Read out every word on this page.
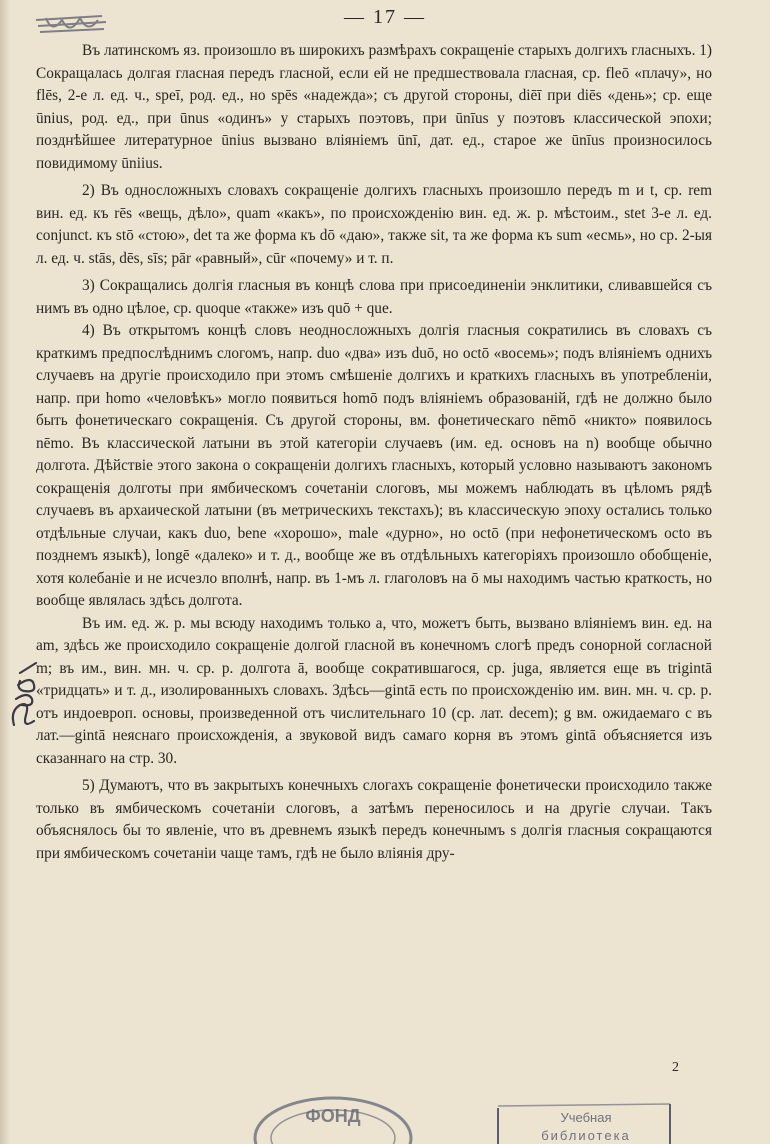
— 17 —

Въ латинскомъ яз. произошло въ широкихъ размѣрахъ сокращеніе старыхъ долгихъ гласныхъ. 1) Сокращалась долгая гласная передъ гласной, если ей не предшествовала гласная, ср. fleō «плачу», но flēs, 2-е л. ед. ч., speī, род. ед., но spēs «надежда»; съ другой стороны, diēī при diēs «день»; ср. еще ūnius, род. ед., при ūnus «одинъ» у старыхъ поэтовъ, при ūnīus у поэтовъ классической эпохи; позднѣйшее литературное ūnius вызвано вліяніемъ ūnī, дат. ед., старое же ūnīus произносилось повидимому ūniius.

2) Въ односложныхъ словахъ сокращеніе долгихъ гласныхъ произошло передъ m и t, ср. rem вин. ед. къ rēs «вещь, дѣло», quam «какъ», по происхожденію вин. ед. ж. р. мѣстоим., stet 3-е л. ед. conjunct. къ stō «стою», det та же форма къ dō «даю», также sit, та же форма къ sum «есмь», но ср. 2-ыя л. ед. ч. stās, dēs, sīs; pār «равный», cūr «почему» и т. п.

3) Сокращались долгія гласныя въ концѣ слова при присоединеніи энклитики, сливавшейся съ нимъ въ одно цѣлое, ср. quoque «также» изъ quō + que.

4) Въ открытомъ концѣ словъ неодносложныхъ долгія гласныя сократились въ словахъ съ краткимъ предпослѣднимъ слогомъ, напр. duo «два» изъ duō, но octō «восемь»; подъ вліяніемъ однихъ случаевъ на другіе происходило при этомъ смѣшеніе долгихъ и краткихъ гласныхъ въ употребленіи, напр. при homo «человѣкъ» могло появиться homō подъ вліяніемъ образованій, гдѣ не должно было быть фонетическаго сокращенія. Съ другой стороны, вм. фонетическаго nēmō «никто» появилось nēmo. Въ классической латыни въ этой категоріи случаевъ (им. ед. основъ на n) вообще обычно долгота. Дѣйствіе этого закона о сокращеніи долгихъ гласныхъ, который условно называютъ закономъ сокращенія долготы при ямбическомъ сочетаніи слоговъ, мы можемъ наблюдать въ цѣломъ рядѣ случаевъ въ архаической латыни (въ метрическихъ текстахъ); въ классическую эпоху остались только отдѣльные случаи, какъ duo, bene «хорошо», male «дурно», но octō (при нефонетическомъ octo въ позднемъ языкѣ), longē «далеко» и т. д., вообще же въ отдѣльныхъ категоріяхъ произошло обобщеніе, хотя колебаніе и не исчезло вполнѣ, напр. въ 1-мъ л. глаголовъ на ō мы находимъ частью краткость, но вообще являлась здѣсь долгота.

Въ им. ед. ж. р. мы всюду находимъ только a, что, можетъ быть, вызвано вліяніемъ вин. ед. на am, здѣсь же происходило сокращеніе долгой гласной въ конечномъ слогѣ предъ сонорной согласной m; въ им., вин. мн. ч. ср. р. долгота ā, вообще сократившагося, ср. juga, является еще въ trigintā «тридцать» и т. д., изолированныхъ словахъ. Здѣсь—gintā есть по происхожденію им. вин. мн. ч. ср. р. отъ индоевроп. основы, произведенной отъ числительнаго 10 (ср. лат. decem); g вм. ожидаемаго c въ лат.—gintā неяснаго происхожденія, а звуковой видъ самаго корня въ этомъ gintā объясняется изъ сказаннаго на стр. 30.

5) Думаютъ, что въ закрытыхъ конечныхъ слогахъ сокращеніе фонетически происходило также только въ ямбическомъ сочетаніи слоговъ, а затѣмъ переносилось и на другіе случаи. Такъ объяснялось бы то явленіе, что въ древнемъ языкѣ передъ конечнымъ s долгія гласныя сокращаются при ямбическомъ сочетаніи чаще тамъ, гдѣ не было вліянія дру-

2
ФОНД	Учебная
библиотека
